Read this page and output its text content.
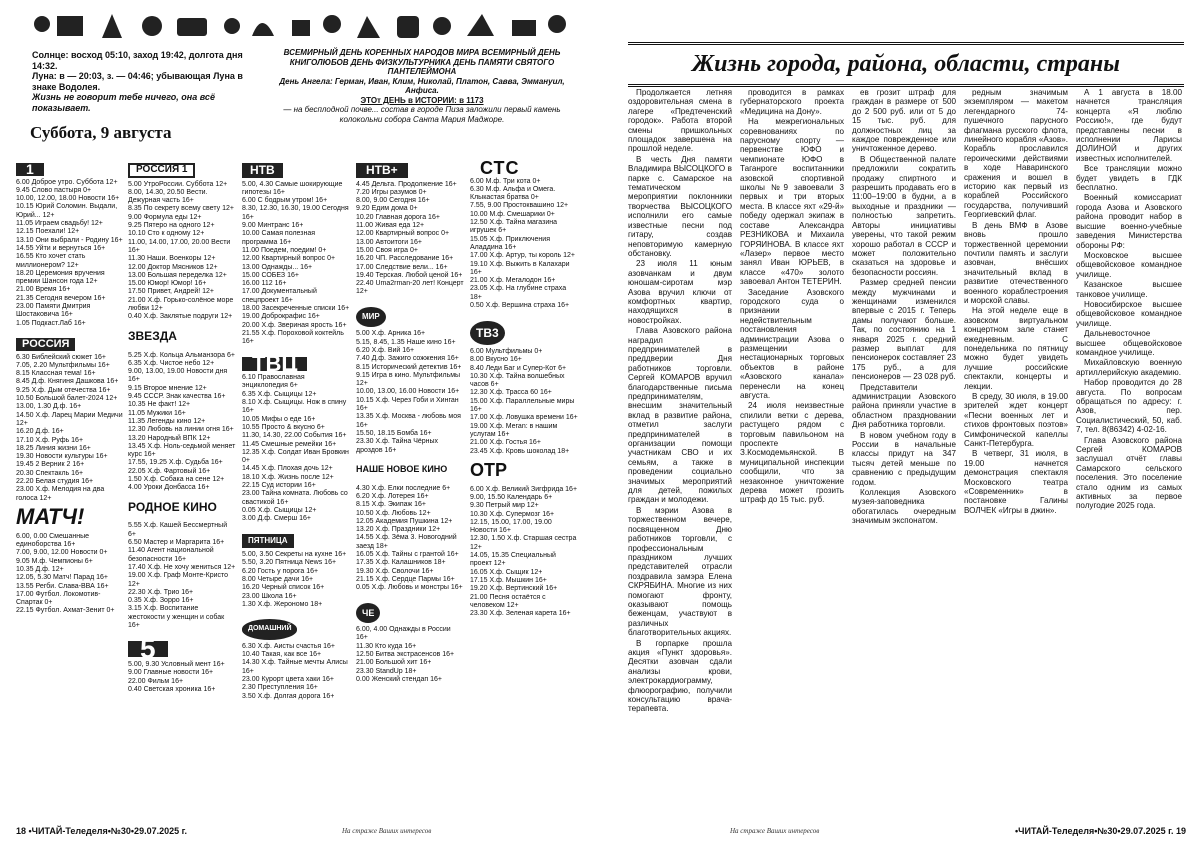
Солнце: восход 05:10, заход 19:42, долгота дня 14:32.
Луна: в — 20:03, з. — 04:46; убывающая Луна в знаке Водолея.
Жизнь не говорит тебе ничего, она всё показывает.
Суббота, 9 августа
ВСЕМИРНЫЙ ДЕНЬ КОРЕННЫХ НАРОДОВ МИРА ВСЕМИРНЫЙ ДЕНЬ КНИГОЛЮБОВ ДЕНЬ ФИЗКУЛЬТУРНИКА ДЕНЬ ПАМЯТИ СВЯТОГО ПАНТЕЛЕЙМОНА
День Ангела: Герман, Иван, Клим, Николай, Платон, Савва, Эммануил, Анфиса.
ЭТОт ДЕНЬ в ИСТОРИИ: в 1173
— на бесплодной почве... состав в городе Пиза заложили первый камень колокольни собора Санта Мария Маджоре.

1

6.00 Доброе утро. Суббота 12+
9.45 Слово пастыря 0+
10.00, 12.00, 18.00 Новости 16+
10.15 Юрий Соломин. Выдали, Юрий... 12+
11.05 Играем свадьбу! 12+
12.15 Поехали! 12+
13.10 Они выбрали - Родину 16+
14.55 Уйти и вернуться 16+
16.55 Кто хочет стать миллионером? 12+
18.20 Церемония вручения премии Шансон года 12+
21.00 Время 16+
21.35 Сегодня вечером 16+
23.00 Памяти Дмитрия Шостаковича 16+
1.05 Подкаст.Лаб 16+

РОССИЯ

6.30 Библейский сюжет 16+
7.05, 2.20 Мультфильмы 16+
8.15 Классная тема! 16+
8.45 Д.ф. Княгиня Дашкова 16+
9.25 Х.ф. Дым отечества 16+
10.50 Большой балет-2024 12+
13.00, 1.30 Д.ф. 16+
14.50 Х.ф. Ларец Марии Медичи 12+
16.20 Д.ф. 16+
17.10 Х.ф. Руфь 16+
18.25 Линия жизни 16+
19.30 Новости культуры 16+
19.45 2 Верник 2 16+
20.30 Спектакль 16+
22.20 Белая студия 16+
23.00 Х.ф. Мелодия на два голоса 12+

МАТЧ!

6.00, 0.00 Смешанные единоборства 16+
7.00, 9.00, 12.00 Новости 0+
9.05 М.ф. Чемпионы 6+
10.35 Д.ф. 12+
12.05, 5.30 Матч! Парад 16+
13.55 Регби. Слава-ВВА 16+
17.00 Футбол. Локомотив-Спартак 0+
22.15 Футбол. Ахмат-Зенит 0+

РОССИЯ 1

5.00 УтроРоссии. Суббота 12+
8.00, 14.30, 20.50 Вести. Дежурная часть 16+
8.35 По секрету всему свету 12+
9.00 Формула еды 12+
9.25 Пятеро на одного 12+
10.10 Сто к одному 12+
11.00, 14.00, 17.00, 20.00 Вести 16+
11.30 Наши. Военкоры 12+
12.00 Доктор Мясников 12+
13.00 Большая переделка 12+
15.00 Юмор! Юмор! 16+
17.50 Привет, Андрей! 12+
21.00 Х.ф. Горько-солёное море любви 12+
0.40 Х.ф. Заклятые подруги 12+

ЗВЕЗДА

5.25 Х.ф. Кольца Альманзора 6+
6.35 Х.ф. Чистое небо 12+
9.00, 13.00, 19.00 Новости дня 16+
9.15 Второе мнение 12+
9.45 СССР. Знак качества 16+
10.35 Не факт! 12+
11.05 Мужики 16+
11.35 Легенды кино 12+
12.30 Любовь на линии огня 16+
13.20 Народный ВПК 12+
13.45 Х.ф. Ноль-седьмой меняет курс 16+
17.55, 19.25 Х.ф. Судьба 16+
22.05 Х.ф. Фартовый 16+
1.50 Х.ф. Собака на сене 12+
4.00 Уроки Донбасса 16+

РОДНОЕ КИНО

5.55 Х.ф. Кашей Бессмертный 6+
6.50 Мастер и Маргарита 16+
11.40 Агент национальной безопасности 16+
17.40 Х.ф. Не хочу жениться 12+
19.00 Х.ф. Граф Монте-Кристо 12+
22.30 Х.ф. Трио 16+
0.35 Х.ф. Зорро 16+
3.15 Х.ф. Воспитание жестокости у женщин и собак 16+

5

5.00, 9.30 Условный мент 16+
9.00 Главные новости 16+
22.00 Фильм 16+
0.40 Светская хроника 16+

НТВ

5.00, 4.30 Самые шокирующие гипотезы 16+
6.00 С бодрым утром! 16+
8.30, 12.30, 16.30, 19.00 Сегодня 16+
9.00 Минтранс 16+
10.00 Самая полезная программа 16+
11.00 Поедем, поедим! 0+
12.00 Квартирный вопрос 0+
13.00 Однажды... 16+
15.00 СОБЕЗ 16+
16.00 112 16+
17.00 Документальный спецпроект 16+
18.00 Засекреченные списки 16+
19.00 Доброкрафис 16+
20.00 Х.ф. Звериная ярость 16+
21.55 Х.ф. Пороховой коктейль 16+

ТВЦ

6.10 Православная энциклопедия 6+
6.35 Х.ф. Сыщицы 12+
8.10 Х.ф. Сыщицы. Нож в спину 16+
10.05 Мифы о еде 16+
10.55 Просто & вкусно 6+
11.30, 14.30, 22.00 События 16+
11.45 Смешные ремейки 16+
12.35 Х.ф. Солдат Иван Бровкин 0+
14.45 Х.ф. Плохая дочь 12+
18.10 Х.ф. Жизнь после 12+
22.15 Суд истории 16+
23.00 Тайна комната. Любовь со свастикой 16+
0.05 Х.ф. Сыщицы 12+
3.00 Д.ф. Смерш 16+

ПЯТНИЦА

5.00, 3.50 Секреты на кухне 16+
5.50, 3.20 Пятница News 16+
6.20 Гость у порога 16+
8.00 Четыре дачи 16+
16.20 Черный список 16+
23.00 Школа 16+
1.30 Х.ф. Жерономо 18+

ДОМАШНИЙ

6.30 Х.ф. Аисты счастья 16+
10.40 Такая, как все 16+
14.30 Х.ф. Тайные мечты Алисы 16+
23.00 Курорт цвета хаки 16+
2.30 Преступления 16+
3.50 Х.ф. Долгая дорога 16+

НТВ+

4.45 Дельта. Продолжение 16+
7.20 Игры разумов 0+
8.00, 9.00 Сегодня 16+
9.20 Едим дома 0+
10.20 Главная дорога 16+
11.00 Живая еда 12+
12.00 Квартирный вопрос 0+
13.00 Автоитоги 16+
15.00 Своя игра 0+
16.20 ЧП. Расследование 16+
17.00 Следствие вели... 16+
19.40 Терская. Любой ценой 16+
22.40 Uma2rman-20 лет! Концерт 12+

МИР

5.00 Х.ф. Арника 16+
5.15, 8.45, 1.35 Наше кино 16+
6.20 Х.ф. Вий 16+
7.40 Д.ф. Зажиго сожжения 16+
8.15 Исторический детектив 16+
9.15 Игра в кино. Мультфильмы 12+
10.00, 13.00, 16.00 Новости 16+
10.15 Х.ф. Через Гоби и Хинган 16+
13.35 Х.ф. Москва - любовь моя 16+
15.50, 18.15 Бомба 16+
23.30 Х.ф. Тайна Чёрных дроздов 16+

НАШЕ НОВОЕ КИНО

4.30 Х.ф. Елки последние 6+
6.20 Х.ф. Лотерея 16+
8.15 Х.ф. Экипаж 16+
10.50 Х.ф. Любовь 12+
12.05 Академия Пушкина 12+
13.20 Х.ф. Праздники 12+
14.55 Х.ф. Зёма 3. Новогодний заезд 18+
16.05 Х.ф. Тайны с грантой 16+
17.35 Х.ф. Калашников 18+
19.30 Х.ф. Сволочи 16+
21.15 Х.ф. Сердце Пармы 16+
0.05 Х.ф. Любовь и монстры 16+

ЧЕ

6.00, 4.00 Однажды в России 16+
11.30 Кто куда 16+
12.50 Битва экстрасенсов 16+
21.00 Большой хит 16+
23.30 StandUp 18+
0.00 Женский стендап 16+

СТС

6.00 М.ф. Три кота 0+
6.30 М.ф. Альфа и Омега. Клыкастая братва 0+
7.55, 9.00 Простоквашино 12+
10.00 М.ф. Смешарики 0+
12.50 Х.ф. Тайна магазина игрушек 6+
15.05 Х.ф. Приключения Аладдина 16+
17.00 Х.ф. Артур, ты король 12+
19.10 Х.ф. Выжить в Калахари 16+
21.00 Х.ф. Мегалодон 16+
23.05 Х.ф. На глубине страха 18+
0.50 Х.ф. Вершина страха 16+

ТВ3

6.00 Мультфильмы 0+
8.00 Вкусно 16+
8.40 Леди Баг и Супер-Кот 6+
10.30 Х.ф. Тайна волшебных часов 6+
12.30 Х.ф. Трасса 60 16+
15.00 Х.ф. Параллельные миры 16+
17.00 Х.ф. Ловушка времени 16+
19.00 Х.ф. Мегаn: в нашим услугам 16+
21.00 Х.ф. Гостья 16+
23.45 Х.ф. Кровь шоколад 18+

ОТР

6.00 Х.ф. Великий Зигфрида 16+
9.00, 15.50 Календарь 6+
9.30 Петрый мир 12+
10.30 Х.ф. Супермозг 16+
12.15, 15.00, 17.00, 19.00 Новости 16+
12.30, 1.50 Х.ф. Старшая сестра 12+
14.05, 15.35 Специальный проект 12+
16.05 Х.ф. Сыщик 12+
17.15 Х.ф. Мышкин 16+
19.20 Х.ф. Вертинский 16+
21.00 Песня остаётся с человеком 12+
23.30 Х.ф. Зеленая карета 16+

18 •ЧИТАЙ-Теледеля•№30•29.07.2025 г.	На страже Ваших интересов
Жизнь города, района, области, страны

Продолжается летняя оздоровительная смена в лагере «Предтеченский городок». Работа второй смены пришкольных площадок завершена на прошлой неделе.

В честь Дня памяти Владимира ВЫСОЦКОГО в парке с. Самарское на тематическом мероприятии поклонники творчества ВЫСОЦКОГО исполнили его самые известные песни под гитару, создав неповторимую камерную обстановку.

23 июля 11 юным азовчанкам и двум юношам-сиротам мэр Азова вручил ключи от комфортных квартир, находящихся в новостройках.

Глава Азовского района наградил предпринимателей в преддверии Дня работников торговли. Сергей КОМАРОВ вручил благодарственные письма предпринимателям, внесшим значительный вклад в развитие района, отметил заслуги предпринимателей в организации помощи участникам СВО и их семьям, а также в проведении социально значимых мероприятий для детей, пожилых граждан и молодежи.

В мэрии Азова в торжественном вечере, посвященном Дню работников торговли, с профессиональным праздником лучших представителей отрасли поздравила замэра Елена СКРЯБИНА. Многие из них помогают фронту, оказывают помощь беженцам, участвуют в различных благотворительных акциях.

В горпарке прошла акция «Пункт здоровья». Десятки азовчан сдали анализы крови, электрокардиограмму, флюорографию, получили консультацию врача-терапевта.

проводится в рамках губернаторского проекта «Медицина на Дону».

На межрегиональных соревнованиях по парусному спорту — первенстве ЮФО и чемпионате ЮФО в Таганроге воспитанники азовской спортивной школы №9 завоевали 3 первых и три вторых места. В классе яхт «29-й» победу одержал экипаж в составе Александра РЕЗНИКОВА и Михаила ГОРЯИНОВА. В классе яхт «Лазер» первое место занял Иван ЮРЬЕВ, в классе «470» золото завоевал Антон ТЕТЕРИН.

Заседание Азовского городского суда о признании недействительным постановления администрации Азова о размещении нестационарных торговых объектов в районе «Азовского канала» перенесли на конец августа.

24 июля неизвестные спилили ветки с дерева, растущего рядом с торговым павильоном на проспекте З.Космодемьянской. В муниципальной инспекции сообщили, что за незаконное уничтожение дерева может грозить штраф до 15 тыс. руб.

ев грозит штраф для граждан в размере от 500 до 2 500 руб. или от 5 до 15 тыс. руб. для должностных лиц за каждое поврежденное или уничтоженное дерево.

В Общественной палате предложили сократить продажу спиртного и разрешить продавать его в 11:00–19:00 в будни, а в выходные и праздники — полностью запретить. Авторы инициативы уверены, что такой режим хорошо работал в СССР и может положительно сказаться на здоровье и безопасности россиян.

Размер средней пенсии между мужчинами и женщинами изменился впервые с 2015 г. Теперь дамы получают больше. Так, по состоянию на 1 января 2025 г. средний размер выплат для пенсионерок составляет 23 175 руб., а для пенсионеров — 23 028 руб.

Представители администрации Азовского района приняли участие в областном праздновании Дня работника торговли.

В новом учебном году в России в начальные классы придут на 347 тысяч детей меньше по сравнению с предыдущим годом.

Коллекция Азовского музея-заповедника обогатилась очередным значимым экспонатом.

редным значимым экземпляром — макетом легендарного 74-пушечного парусного флагмана русского флота, линейного корабля «Азов». Корабль прославился героическими действиями в ходе Наваринского сражения и вошел в историю как первый из кораблей Российского государства, получивший Георгиевский флаг.

В день ВМФ в Азове вновь прошло торжественной церемонии почтили память и заслуги азовчан, внёсших значительный вклад в развитие отечественного военного кораблестроения и морской славы.

На этой неделе еще в азовском виртуальном концертном зале станет ежедневным. С понедельника по пятницу можно будет увидеть лучшие российские спектакли, концерты и лекции.

В среду, 30 июля, в 19.00 зрителей ждет концерт «Песни военных лет и стихов фронтовых поэтов» Симфонической капеллы Санкт-Петербурга.

В четверг, 31 июля, в 19.00 начнется демонстрация спектакля Московского театра «Современник» в постановке Галины ВОЛЧЕК «Игры в джин».

А 1 августа в 18.00 начнется трансляция концерта «Я люблю Россию!», где будут представлены песни в исполнении Ларисы ДОЛИНОЙ и других известных исполнителей.

Все трансляции можно будет увидеть в ГДК бесплатно.

Военный комиссариат города Азова и Азовского района проводит набор в высшие военно-учебные заведения Министерства обороны РФ:

Московское высшее общевойсковое командное училище.

Казанское высшее танковое училище.

Новосибирское высшее общевойсковое командное училище.

Дальневосточное высшее общевойсковое командное училище.

Михайловскую военную артиллерийскую академию.

Набор проводится до 28 августа. По вопросам обращаться по адресу: г. Азов, пер. Социалистический, 50, каб. 7, тел. 8(86342) 4-02-16.

Глава Азовского района Сергей КОМАРОВ заслушал отчёт главы Самарского сельского поселения. Это поселение стало одним из самых активных за первое полугодие 2025 года.

На страже Ваших интересов	•ЧИТАЙ-Теледеля•№30•29.07.2025 г. 19
